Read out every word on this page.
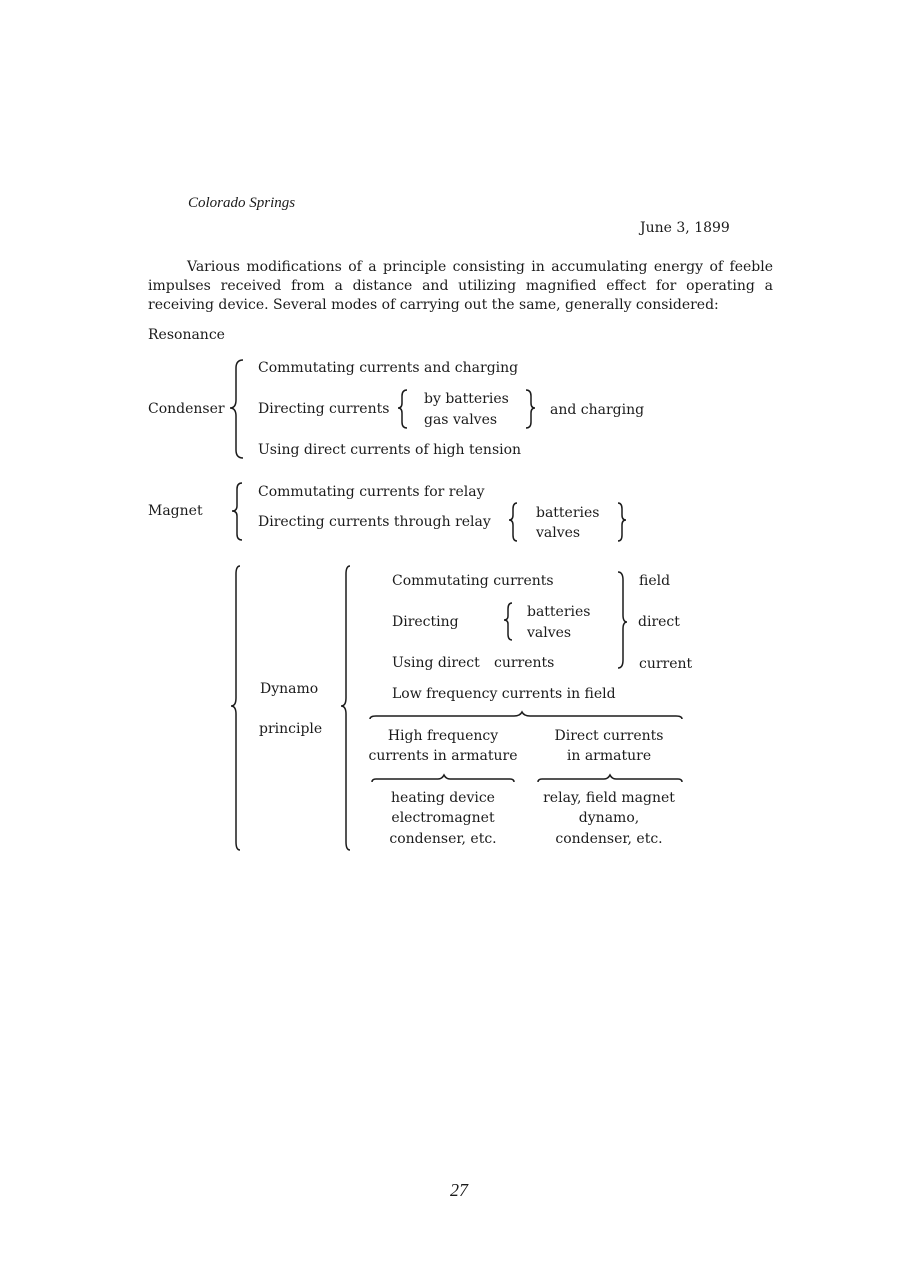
Colorado Springs
June 3, 1899
Various modifications of a principle consisting in accumulating energy of feeble impulses received from a distance and utilizing magnified effect for operating a receiving device. Several modes of carrying out the same, generally considered:
Resonance
Condenser
Commutating currents and charging
Directing currents
by batteries
gas valves
and charging
Using direct currents of high tension
Magnet
Commutating currents for relay
Directing currents through relay
batteries
valves
Dynamo
principle
Commutating currents
Directing
batteries
valves
Using direct currents
field
direct
current
Low frequency currents in field
High frequency
currents in armature
Direct currents
in armature
heating device
electromagnet
condenser, etc.
relay, field magnet
dynamo,
condenser, etc.
27
